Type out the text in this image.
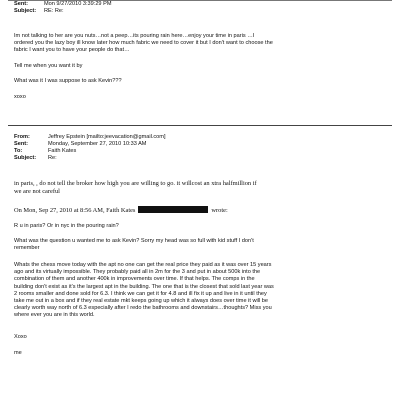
Sent:	Mon 9/27/2010 3:39:29 PM
Subject: RE: Re:
Im not talking to her are you nuts…not a peep…its pouring rain here…enjoy your time in paris …I
ordered you the lazy boy ill know later how much fabric we need to cover it but I don't want to choose the
fabric I want you to have your people do that…
Tell me when you want it by
What was it I was suppose to ask Kevin???
xoxo
From:	Jeffrey Epstein [mailto:jeevacation@gmail.com]
Sent:	Monday, September 27, 2010 10:33 AM
To:	Faith Kates
Subject: Re:
in paris, , do not tell the broker how high you are willing to go. it willcost an xtra halfmillion if
we are not careful
On Mon, Sep 27, 2010 at 8:56 AM, Faith Kates	wrote:
R u in paris? Or in nyc in the pouring rain?
What was the question u wanted me to ask Kevin? Sorry my head was so full with kid stuff I don't
remember
Whats the chess move today with the apt no one can get the real price they paid as it was over 15 years
ago and its virtually impossible. They probably paid all in 2m for the 3 and put in about 500k into the
combination of them and another 400k in improvements over time. If that helps. The comps in the
building don't exist as it's the largest apt in the building. The one that is the closest that sold last year was
2 rooms smaller and done sold for 6.3. I think we can get it for 4.8 and ill fix it up and live in it until they
take me out in a box and if they real estate mkt keeps going up which it always does over time it will be
clearly worth way north of 6.3 especially after I redo the bathrooms and downstairs…thoughts? Miss you
where ever you are in this world.
Xoxo
me
